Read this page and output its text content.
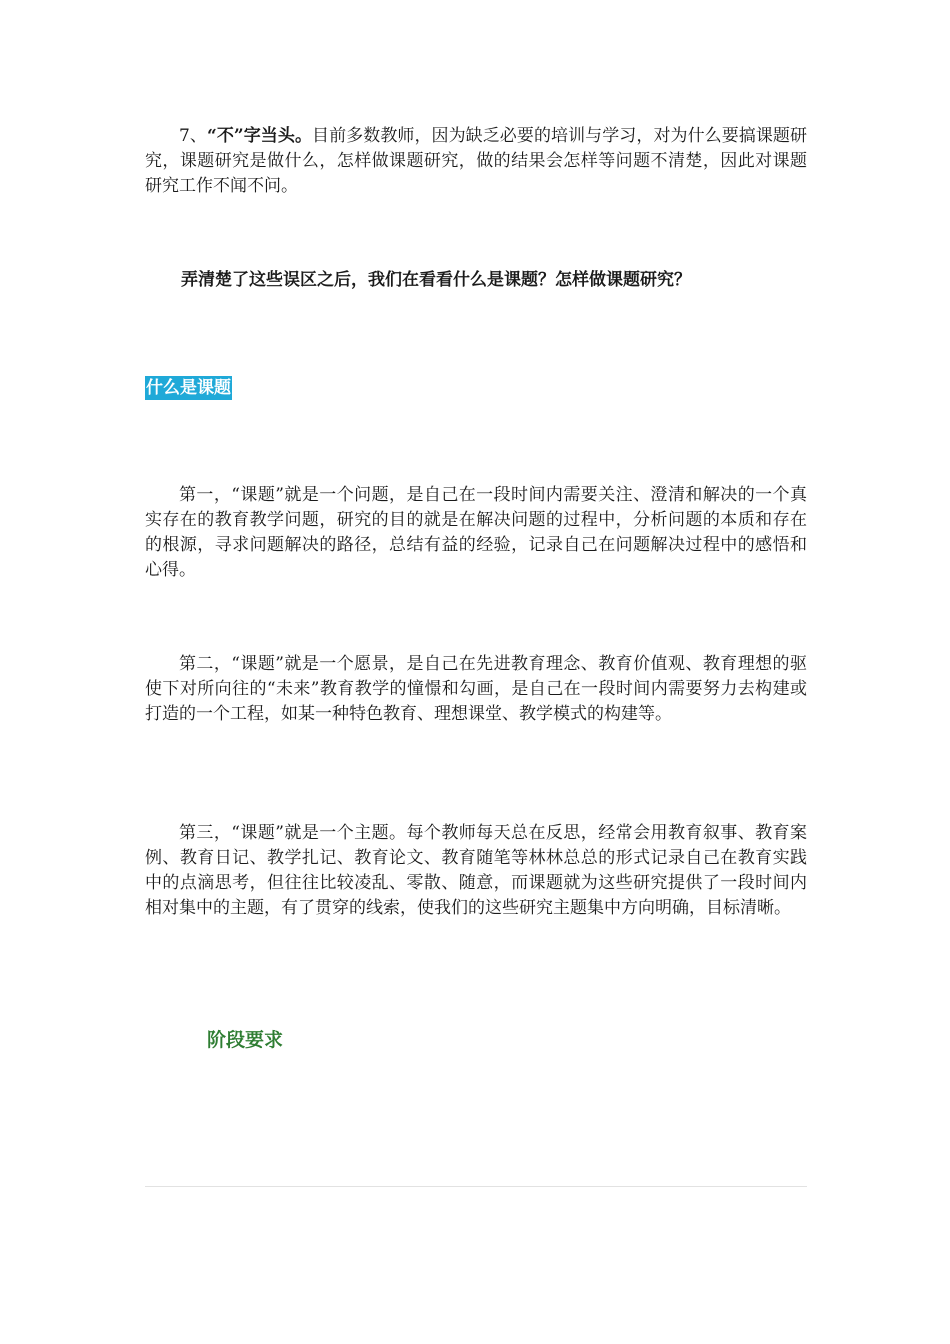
7、“不”字当头。目前多数教师，因为缺乏必要的培训与学习，对为什么要搞课题研究，课题研究是做什么，怎样做课题研究，做的结果会怎样等问题不清楚，因此对课题研究工作不闻不问。

弄清楚了这些误区之后，我们在看看什么是课题？怎样做课题研究？

什么是课题

第一，“课题”就是一个问题，是自己在一段时间内需要关注、澄清和解决的一个真实存在的教育教学问题，研究的目的就是在解决问题的过程中，分析问题的本质和存在的根源，寻求问题解决的路径，总结有益的经验，记录自己在问题解决过程中的感悟和心得。

第二，“课题”就是一个愿景，是自己在先进教育理念、教育价值观、教育理想的驱使下对所向往的“未来”教育教学的憧憬和勾画，是自己在一段时间内需要努力去构建或打造的一个工程，如某一种特色教育、理想课堂、教学模式的构建等。

第三，“课题”就是一个主题。每个教师每天总在反思，经常会用教育叙事、教育案例、教育日记、教学扎记、教育论文、教育随笔等林林总总的形式记录自己在教育实践中的点滴思考，但往往比较凌乱、零散、随意，而课题就为这些研究提供了一段时间内相对集中的主题，有了贯穿的线索，使我们的这些研究主题集中方向明确，目标清晰。

阶段要求
